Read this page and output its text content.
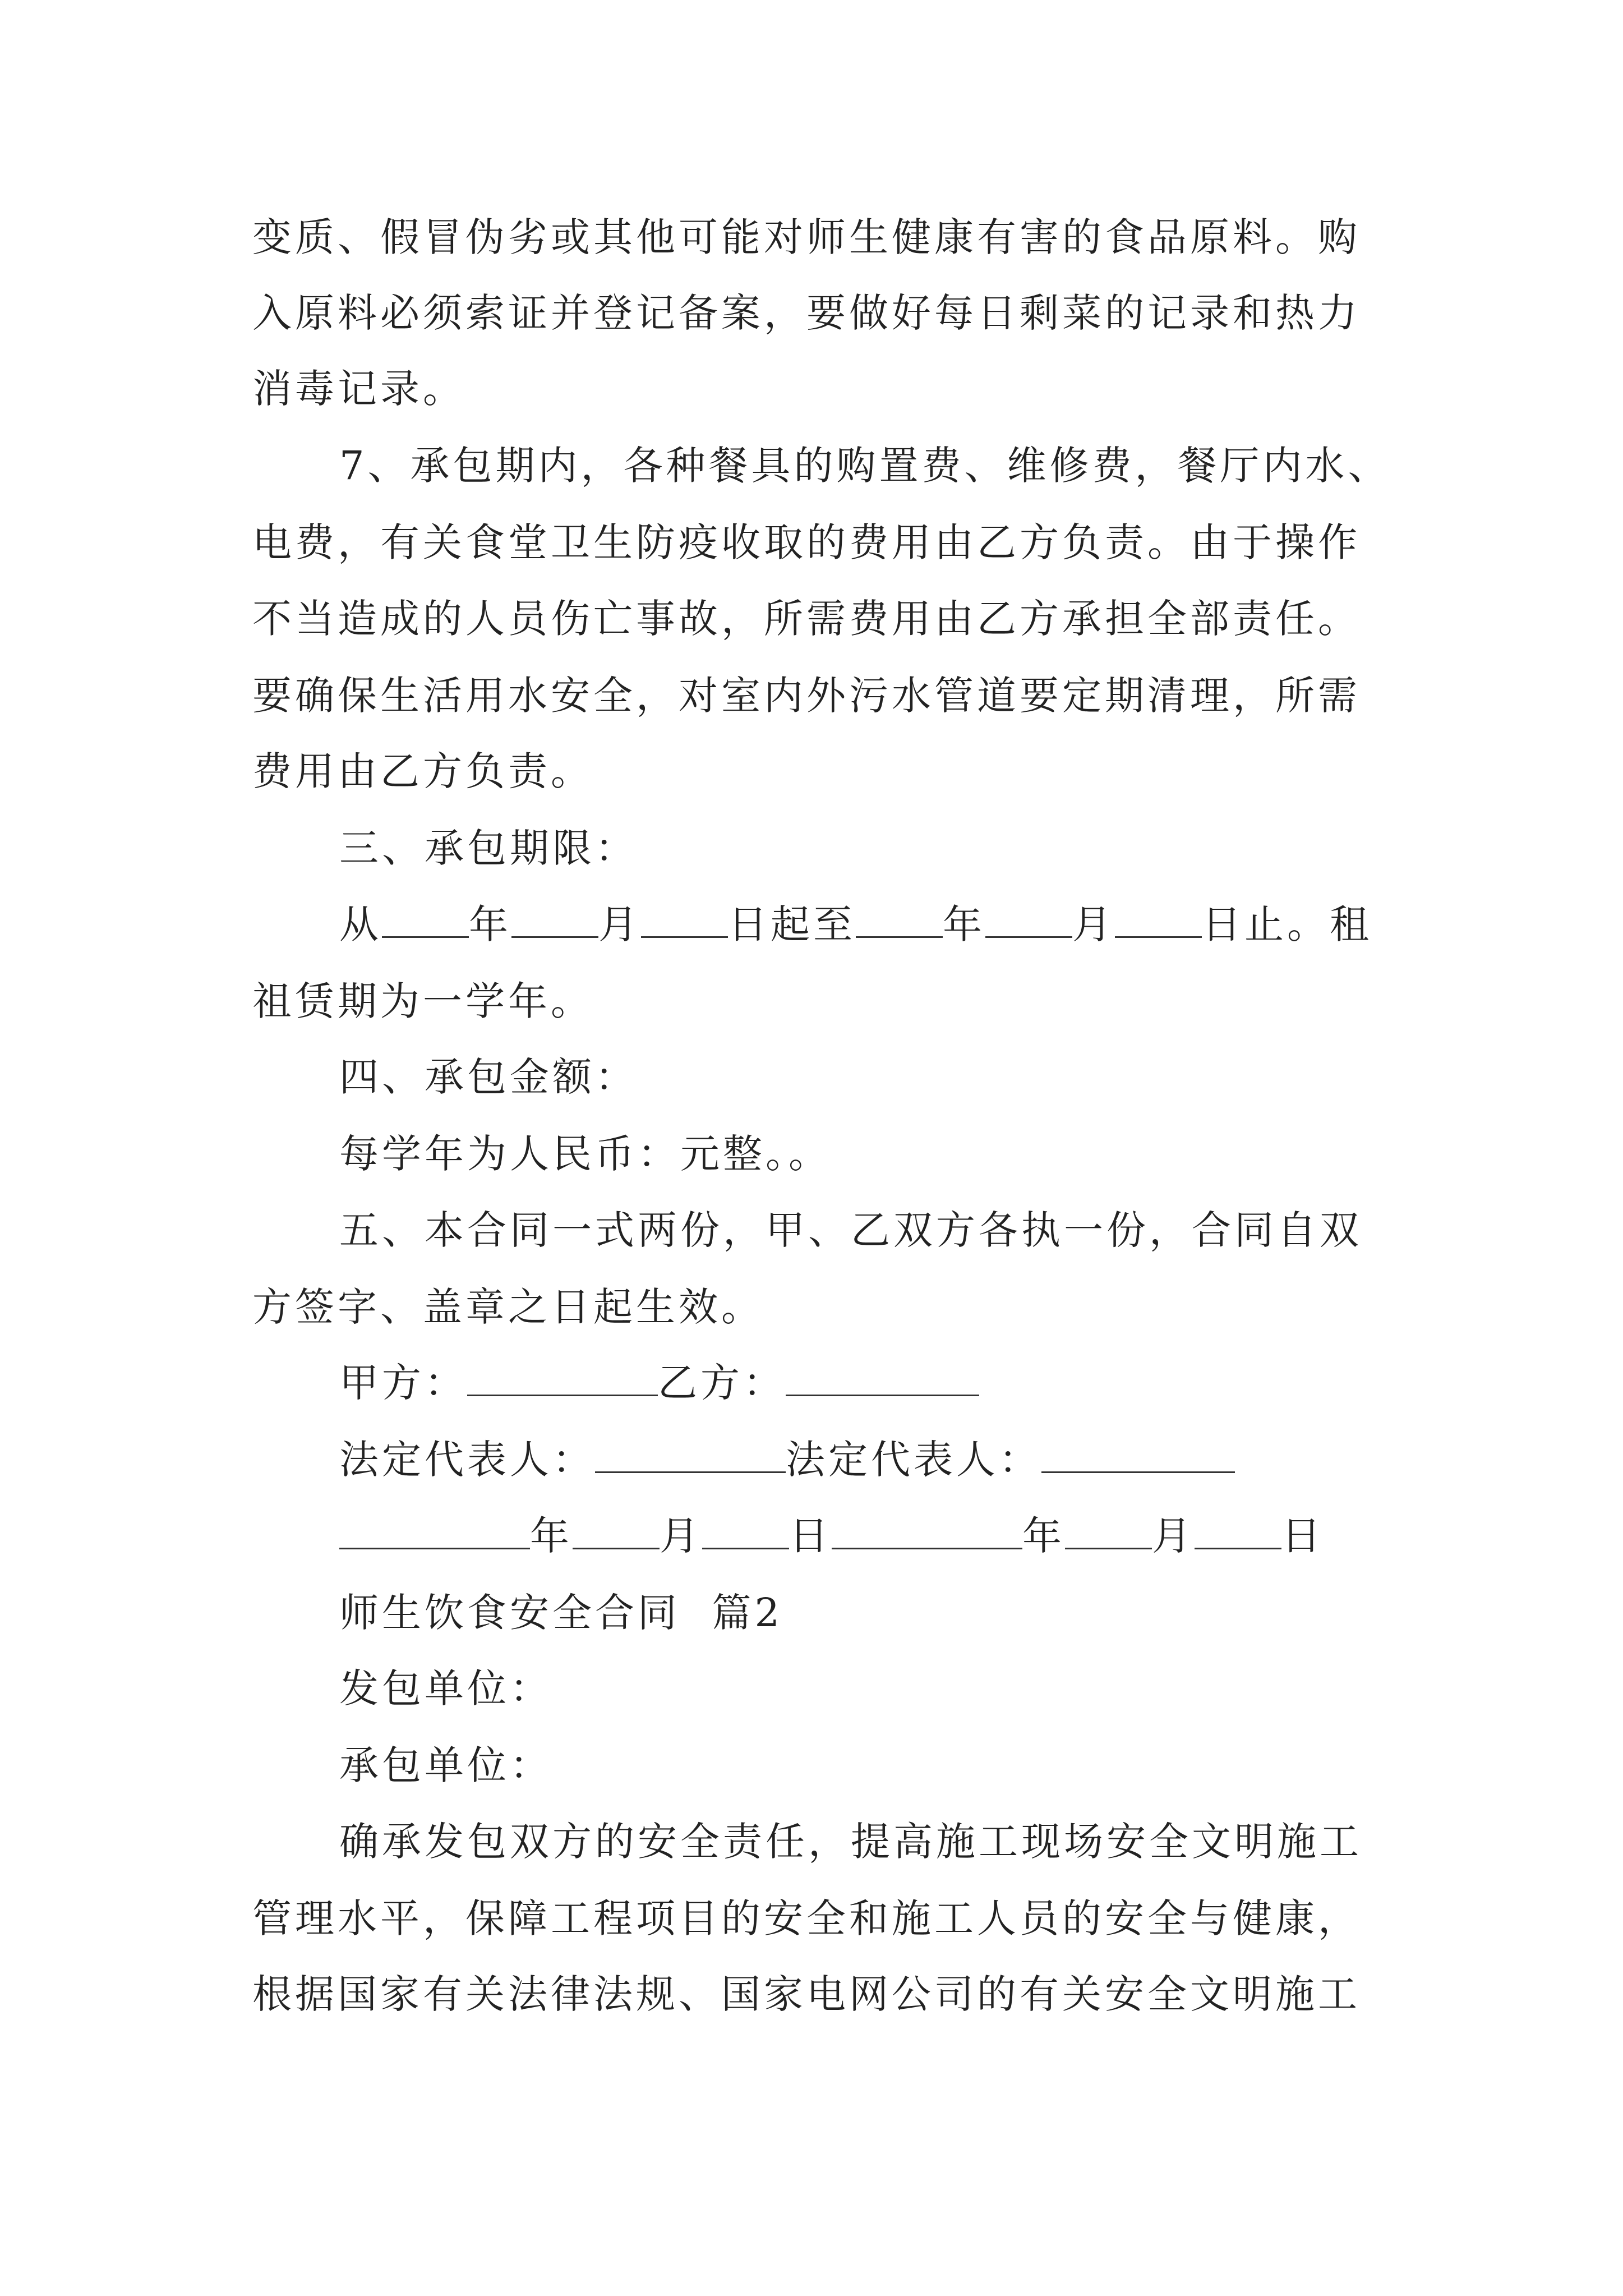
变质、假冒伪劣或其他可能对师生健康有害的食品原料。购
入原料必须索证并登记备案，要做好每日剩菜的记录和热力
消毒记录。
7、承包期内，各种餐具的购置费、维修费，餐厅内水、
电费，有关食堂卫生防疫收取的费用由乙方负责。由于操作
不当造成的人员伤亡事故，所需费用由乙方承担全部责任。
要确保生活用水安全，对室内外污水管道要定期清理，所需
费用由乙方负责。
三、承包期限：
从 年 月 日起至 年 月 日止。租
祖赁期为一学年。
四、承包金额：
每学年为人民币：元整。。
五、本合同一式两份，甲、乙双方各执一份，合同自双
方签字、盖章之日起生效。
甲方：	乙方：
法定代表人：	法定代表人：
年 月 日	年 月 日
师生饮食安全合同  篇2
发包单位：
承包单位：
确承发包双方的安全责任，提高施工现场安全文明施工
管理水平，保障工程项目的安全和施工人员的安全与健康，
根据国家有关法律法规、国家电网公司的有关安全文明施工
